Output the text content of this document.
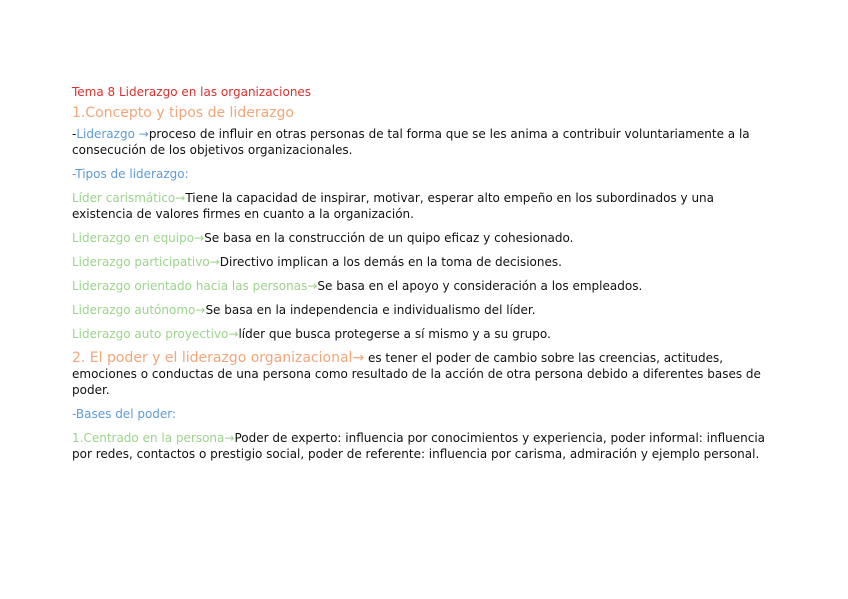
Tema 8 Liderazgo en las organizaciones
1.Concepto y tipos de liderazgo
-Liderazgo →proceso de influir en otras personas de tal forma que se les anima a contribuir voluntariamente a la consecución de los objetivos organizacionales.
-Tipos de liderazgo:
Líder carismático→Tiene la capacidad de inspirar, motivar, esperar alto empeño en los subordinados y una existencia de valores firmes en cuanto a la organización.
Liderazgo en equipo→Se basa en la construcción de un quipo eficaz y cohesionado.
Liderazgo participativo→Directivo implican a los demás en la toma de decisiones.
Liderazgo orientado hacia las personas→Se basa en el apoyo y consideración a los empleados.
Liderazgo autónomo→Se basa en la independencia e individualismo del líder.
Liderazgo auto proyectivo→líder que busca protegerse a sí mismo y a su grupo.
2. El poder y el liderazgo organizacional→ es tener el poder de cambio sobre las creencias, actitudes, emociones o conductas de una persona como resultado de la acción de otra persona debido a diferentes bases de poder.
-Bases del poder:
1.Centrado en la persona→Poder de experto: influencia por conocimientos y experiencia, poder informal: influencia por redes, contactos o prestigio social, poder de referente: influencia por carisma, admiración y ejemplo personal.
